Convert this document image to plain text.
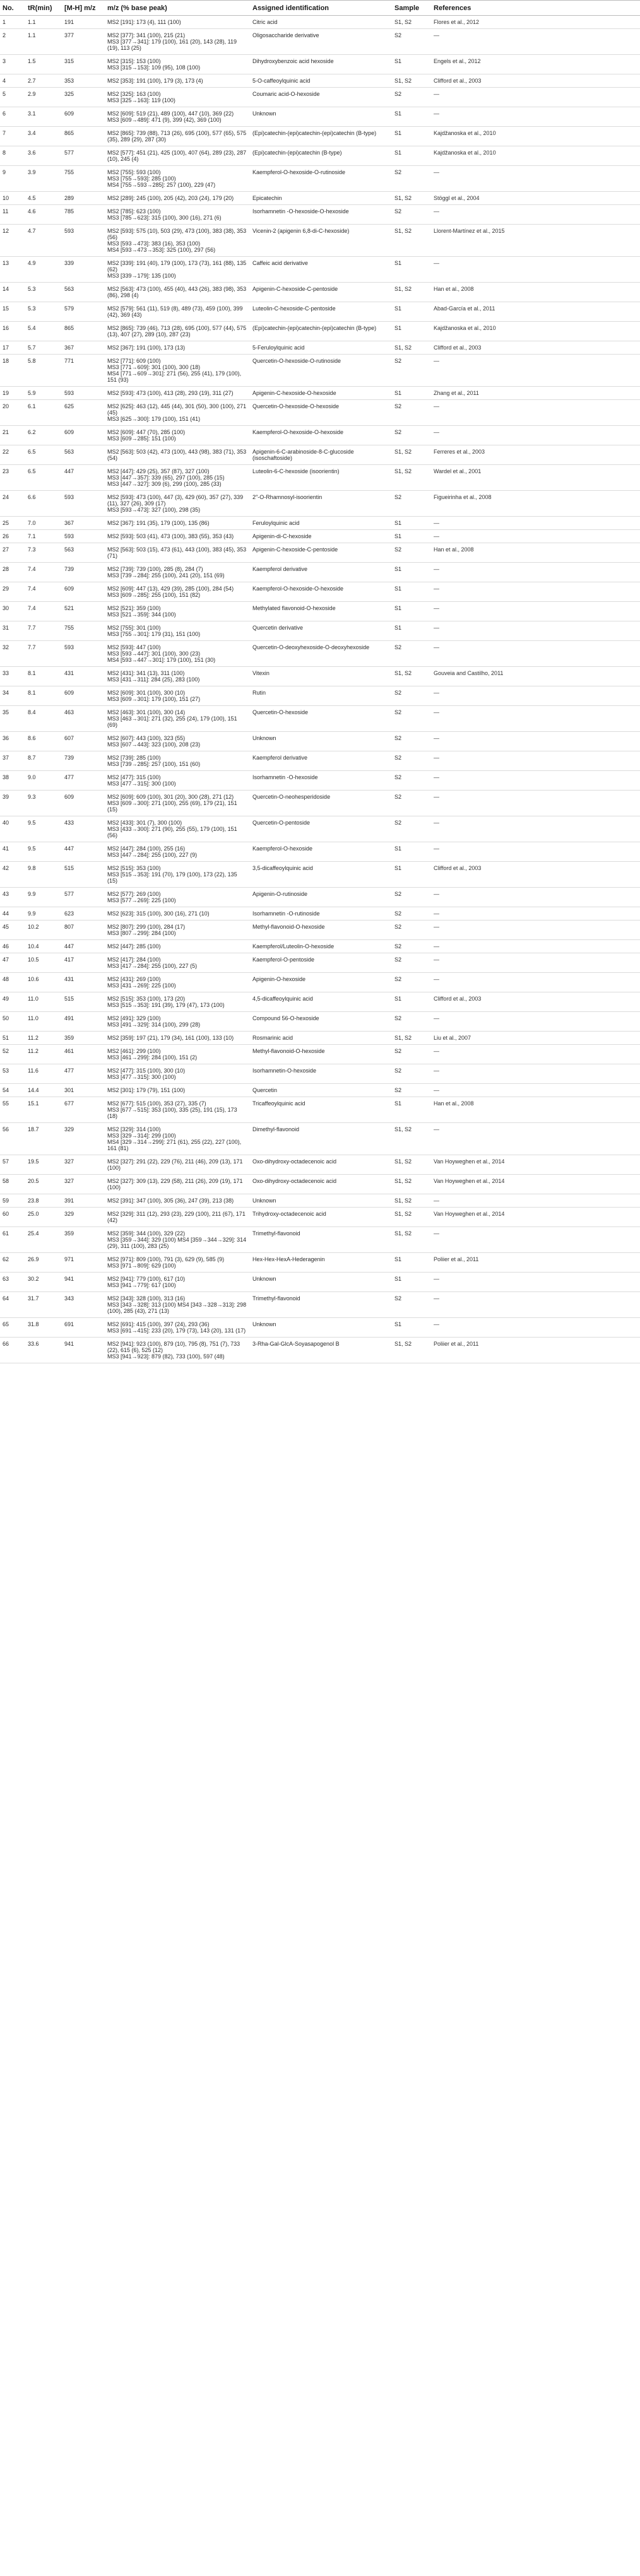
No.	tR(min)	[M-H] m/z	m/z (% base peak)	Assigned identification	Sample	References
1	1.1	191	MS2 [191]: 173 (4), 111 (100)	Citric acid	S1, S2	Flores et al., 2012
2	1.1	377	MS2 [377]: 341 (100), 215 (21)
MS3 [377→341]: 179 (100), 161 (20), 143 (28), 119 (19), 113 (25)	Oligosaccharide derivative	S2	—
3	1.5	315	MS2 [315]: 153 (100)
MS3 [315→153]: 109 (95), 108 (100)	Dihydroxybenzoic acid hexoside	S1	Engels et al., 2012
4	2.7	353	MS2 [353]: 191 (100), 179 (3), 173 (4)	5-O-caffeoylquinic acid	S1, S2	Clifford et al., 2003
5	2.9	325	MS2 [325]: 163 (100)
MS3 [325→163]: 119 (100)	Coumaric acid-O-hexoside	S2	—
6	3.1	609	MS2 [609]: 519 (21), 489 (100), 447 (10), 369 (22)
MS3 [609→489]: 471 (9), 399 (42), 369 (100)	Unknown	S1	—
7	3.4	865	MS2 [865]: 739 (88), 713 (26), 695 (100), 577 (65), 575 (35), 289 (29), 287 (30)	(Epi)catechin-(epi)catechin-(epi)catechin (B-type)	S1	Kajdžanoska et al., 2010
8	3.6	577	MS2 [577]: 451 (21), 425 (100), 407 (64), 289 (23), 287 (10), 245 (4)	(Epi)catechin-(epi)catechin (B-type)	S1	Kajdžanoska et al., 2010
9	3.9	755	MS2 [755]: 593 (100)
MS3 [755→593]: 285 (100)
MS4 [755→593→285]: 257 (100), 229 (47)	Kaempferol-O-hexoside-O-rutinoside	S2	—
10	4.5	289	MS2 [289]: 245 (100), 205 (42), 203 (24), 179 (20)	Epicatechin	S1, S2	Stöggl et al., 2004
11	4.6	785	MS2 [785]: 623 (100)
MS3 [785→623]: 315 (100), 300 (16), 271 (6)	Isorhamnetin -O-hexoside-O-hexoside	S2	—
12	4.7	593	MS2 [593]: 575 (10), 503 (29), 473 (100), 383 (38), 353 (56)
MS3 [593→473]: 383 (16), 353 (100)
MS4 [593→473→353]: 325 (100), 297 (56)	Vicenin-2 (apigenin 6,8-di-C-hexoside)	S1, S2	Llorent-Martínez et al., 2015
13	4.9	339	MS2 [339]: 191 (40), 179 (100), 173 (73), 161 (88), 135 (62)
MS3 [339→179]: 135 (100)	Caffeic acid derivative	S1	—
14	5.3	563	MS2 [563]: 473 (100), 455 (40), 443 (26), 383 (98), 353 (86), 298 (4)	Apigenin-C-hexoside-C-pentoside	S1, S2	Han et al., 2008
15	5.3	579	MS2 [579]: 561 (11), 519 (8), 489 (73), 459 (100), 399 (42), 369 (43)	Luteolin-C-hexoside-C-pentoside	S1	Abad-García et al., 2011
16	5.4	865	MS2 [865]: 739 (46), 713 (28), 695 (100), 577 (44), 575 (13), 407 (27), 289 (10), 287 (23)	(Epi)catechin-(epi)catechin-(epi)catechin (B-type)	S1	Kajdžanoska et al., 2010
17	5.7	367	MS2 [367]: 191 (100), 173 (13)	5-Feruloylquinic acid	S1, S2	Clifford et al., 2003
18	5.8	771	MS2 [771]: 609 (100)
MS3 [771→609]: 301 (100), 300 (18)
MS4 [771→609→301]: 271 (56), 255 (41), 179 (100), 151 (93)	Quercetin-O-hexoside-O-rutinoside	S2	—
19	5.9	593	MS2 [593]: 473 (100), 413 (28), 293 (19), 311 (27)	Apigenin-C-hexoside-O-hexoside	S1	Zhang et al., 2011
20	6.1	625	MS2 [625]: 463 (12), 445 (44), 301 (50), 300 (100), 271 (45)
MS3 [625→300]: 179 (100), 151 (41)	Quercetin-O-hexoside-O-hexoside	S2	—
21	6.2	609	MS2 [609]: 447 (70), 285 (100)
MS3 [609→285]: 151 (100)	Kaempferol-O-hexoside-O-hexoside	S2	—
22	6.5	563	MS2 [563]: 503 (42), 473 (100), 443 (98), 383 (71), 353 (54)	Apigenin-6-C-arabinoside-8-C-glucoside (isoschaftoside)	S1, S2	Ferreres et al., 2003
23	6.5	447	MS2 [447]: 429 (25), 357 (87), 327 (100)
MS3 [447→357]: 339 (65), 297 (100), 285 (15)
MS3 [447→327]: 309 (6), 299 (100), 285 (33)	Luteolin-6-C-hexoside (isoorientin)	S1, S2	Wardel et al., 2001
24	6.6	593	MS2 [593]: 473 (100), 447 (3), 429 (60), 357 (27), 339 (11), 327 (26), 309 (17)
MS3 [593→473]: 327 (100), 298 (35)	2″-O-Rhamnosyl-isoorientin	S2	Figueirinha et al., 2008
25	7.0	367	MS2 [367]: 191 (35), 179 (100), 135 (86)	Feruloylquinic acid	S1	—
26	7.1	593	MS2 [593]: 503 (41), 473 (100), 383 (55), 353 (43)	Apigenin-di-C-hexoside	S1	—
27	7.3	563	MS2 [563]: 503 (15), 473 (61), 443 (100), 383 (45), 353 (71)	Apigenin-C-hexoside-C-pentoside	S2	Han et al., 2008
28	7.4	739	MS2 [739]: 739 (100), 285 (8), 284 (7)
MS3 [739→284]: 255 (100), 241 (20), 151 (69)	Kaempferol derivative	S1	—
29	7.4	609	MS2 [609]: 447 (13), 429 (39), 285 (100), 284 (54)
MS3 [609→285]: 255 (100), 151 (82)	Kaempferol-O-hexoside-O-hexoside	S1	—
30	7.4	521	MS2 [521]: 359 (100)
MS3 [521→359]: 344 (100)	Methylated flavonoid-O-hexoside	S1	—
31	7.7	755	MS2 [755]: 301 (100)
MS3 [755→301]: 179 (31), 151 (100)	Quercetin derivative	S1	—
32	7.7	593	MS2 [593]: 447 (100)
MS3 [593→447]: 301 (100), 300 (23)
MS4 [593→447→301]: 179 (100), 151 (30)	Quercetin-O-deoxyhexoside-O-deoxyhexoside	S2	—
33	8.1	431	MS2 [431]: 341 (13), 311 (100)
MS3 [431→311]: 284 (25), 283 (100)	Vitexin	S1, S2	Gouveia and Castilho, 2011
34	8.1	609	MS2 [609]: 301 (100), 300 (10)
MS3 [609→301]: 179 (100), 151 (27)	Rutin	S2	—
35	8.4	463	MS2 [463]: 301 (100), 300 (14)
MS3 [463→301]: 271 (32), 255 (24), 179 (100), 151 (69)	Quercetin-O-hexoside	S2	—
36	8.6	607	MS2 [607]: 443 (100), 323 (55)
MS3 [607→443]: 323 (100), 208 (23)	Unknown	S2	—
37	8.7	739	MS2 [739]: 285 (100)
MS3 [739→285]: 257 (100), 151 (60)	Kaempferol derivative	S2	—
38	9.0	477	MS2 [477]: 315 (100)
MS3 [477→315]: 300 (100)	Isorhamnetin -O-hexoside	S2	—
39	9.3	609	MS2 [609]: 609 (100), 301 (20), 300 (28), 271 (12)
MS3 [609→300]: 271 (100), 255 (69), 179 (21), 151 (15)	Quercetin-O-neohesperidoside	S2	—
40	9.5	433	MS2 [433]: 301 (7), 300 (100)
MS3 [433→300]: 271 (90), 255 (55), 179 (100), 151 (56)	Quercetin-O-pentoside	S2	—
41	9.5	447	MS2 [447]: 284 (100), 255 (16)
MS3 [447→284]: 255 (100), 227 (9)	Kaempferol-O-hexoside	S1	—
42	9.8	515	MS2 [515]: 353 (100)
MS3 [515→353]: 191 (70), 179 (100), 173 (22), 135 (15)	3,5-dicaffeoylquinic acid	S1	Clifford et al., 2003
43	9.9	577	MS2 [577]: 269 (100)
MS3 [577→269]: 225 (100)	Apigenin-O-rutinoside	S2	—
44	9.9	623	MS2 [623]: 315 (100), 300 (16), 271 (10)	Isorhamnetin -O-rutinoside	S2	—
45	10.2	807	MS2 [807]: 299 (100), 284 (17)
MS3 [807→299]: 284 (100)	Methyl-flavonoid-O-hexoside	S2	—
46	10.4	447	MS2 [447]: 285 (100)	Kaempferol/Luteolin-O-hexoside	S2	—
47	10.5	417	MS2 [417]: 284 (100)
MS3 [417→284]: 255 (100), 227 (5)	Kaempferol-O-pentoside	S2	—
48	10.6	431	MS2 [431]: 269 (100)
MS3 [431→269]: 225 (100)	Apigenin-O-hexoside	S2	—
49	11.0	515	MS2 [515]: 353 (100), 173 (20)
MS3 [515→353]: 191 (39), 179 (47), 173 (100)	4,5-dicaffeoylquinic acid	S1	Clifford et al., 2003
50	11.0	491	MS2 [491]: 329 (100)
MS3 [491→329]: 314 (100), 299 (28)	Compound 56-O-hexoside	S2	—
51	11.2	359	MS2 [359]: 197 (21), 179 (34), 161 (100), 133 (10)	Rosmarinic acid	S1, S2	Liu et al., 2007
52	11.2	461	MS2 [461]: 299 (100)
MS3 [461→299]: 284 (100), 151 (2)	Methyl-flavonoid-O-hexoside	S2	—
53	11.6	477	MS2 [477]: 315 (100), 300 (10)
MS3 [477→315]: 300 (100)	Isorhamnetin-O-hexoside	S2	—
54	14.4	301	MS2 [301]: 179 (79), 151 (100)	Quercetin	S2	—
55	15.1	677	MS2 [677]: 515 (100), 353 (27), 335 (7)
MS3 [677→515]: 353 (100), 335 (25), 191 (15), 173 (18)	Tricaffeoylquinic acid	S1	Han et al., 2008
56	18.7	329	MS2 [329]: 314 (100)
MS3 [329→314]: 299 (100)
MS4 [329→314→299]: 271 (61), 255 (22), 227 (100), 161 (81)	Dimethyl-flavonoid	S1, S2	—
57	19.5	327	MS2 [327]: 291 (22), 229 (76), 211 (46), 209 (13), 171 (100)	Oxo-dihydroxy-octadecenoic acid	S1, S2	Van Hoyweghen et al., 2014
58	20.5	327	MS2 [327]: 309 (13), 229 (58), 211 (26), 209 (19), 171 (100)	Oxo-dihydroxy-octadecenoic acid	S1, S2	Van Hoyweghen et al., 2014
59	23.8	391	MS2 [391]: 347 (100), 305 (36), 247 (39), 213 (38)	Unknown	S1, S2	—
60	25.0	329	MS2 [329]: 311 (12), 293 (23), 229 (100), 211 (67), 171 (42)	Trihydroxy-octadecenoic acid	S1, S2	Van Hoyweghen et al., 2014
61	25.4	359	MS2 [359]: 344 (100), 329 (22)
MS3 [359→344]: 329 (100) MS4 [359→344→329]: 314 (29), 311 (100), 283 (25)	Trimethyl-flavonoid	S1, S2	—
62	26.9	971	MS2 [971]: 809 (100), 791 (3), 629 (9), 585 (9)
MS3 [971→809]: 629 (100)	Hex-Hex-HexA-Hederagenin	S1	Poliier et al., 2011
63	30.2	941	MS2 [941]: 779 (100), 617 (10)
MS3 [941→779]: 617 (100)	Unknown	S1	—
64	31.7	343	MS2 [343]: 328 (100), 313 (16)
MS3 [343→328]: 313 (100) MS4 [343→328→313]: 298 (100), 285 (43), 271 (13)	Trimethyl-flavonoid	S2	—
65	31.8	691	MS2 [691]: 415 (100), 397 (24), 293 (36)
MS3 [691→415]: 233 (20), 179 (73), 143 (20), 131 (17)	Unknown	S1	—
66	33.6	941	MS2 [941]: 923 (100), 879 (10), 795 (8), 751 (7), 733 (22), 615 (6), 525 (12)
MS3 [941→923]: 879 (82), 733 (100), 597 (48)	3-Rha-Gal-GlcA-Soyasapogenol B	S1, S2	Poliier et al., 2011
